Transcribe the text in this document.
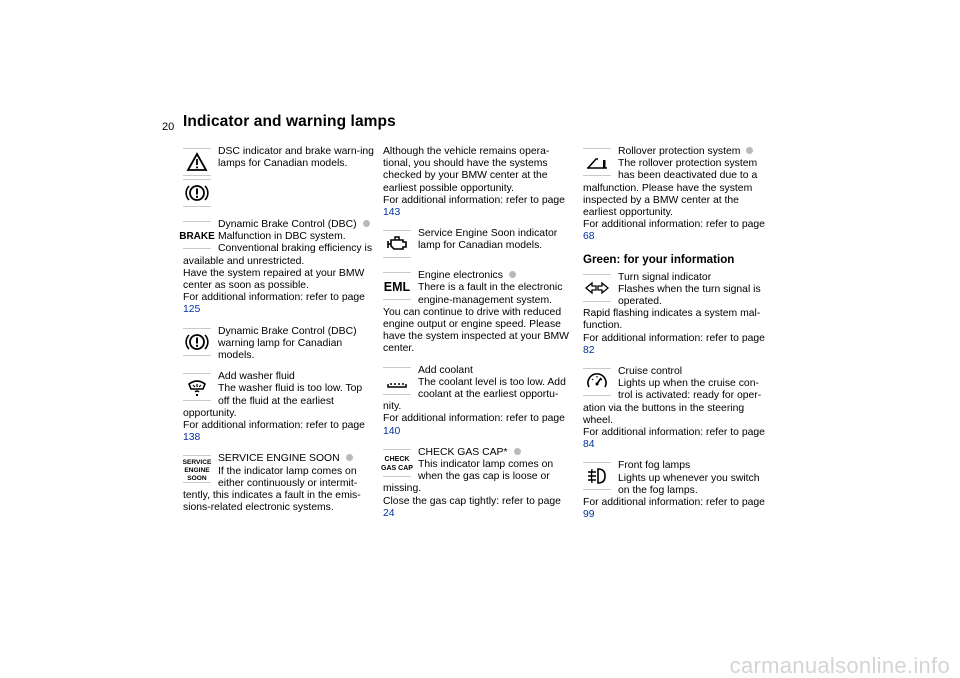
20 Indicator and warning lamps
DSC indicator and brake warn-ing lamps for Canadian models.
BRAKE
Dynamic Brake Control (DBC)
Malfunction in DBC system.
Conventional braking efficiency is available and unrestricted.
Have the system repaired at your BMW center as soon as possible.
For additional information: refer to page 125
Dynamic Brake Control (DBC) warning lamp for Canadian models.
Add washer fluid
The washer fluid is too low. Top off the fluid at the earliest opportunity.
For additional information: refer to page 138
SERVICE
ENGINE
SOON
SERVICE ENGINE SOON
If the indicator lamp comes on either continuously or intermit-tently, this indicates a fault in the emis-sions-related electronic systems.
Although the vehicle remains opera-tional, you should have the systems checked by your BMW center at the earliest possible opportunity.
For additional information: refer to page 143
Service Engine Soon indicator lamp for Canadian models.
EML
Engine electronics
There is a fault in the electronic engine-management system.
You can continue to drive with reduced engine output or engine speed. Please have the system inspected at your BMW center.
Add coolant
The coolant level is too low. Add coolant at the earliest opportu-nity.
For additional information: refer to page 140
CHECK
GAS CAP
CHECK GAS CAP*
This indicator lamp comes on when the gas cap is loose or missing.
Close the gas cap tightly: refer to page 24
Rollover protection system
The rollover protection system has been deactivated due to a malfunction. Please have the system inspected by a BMW center at the earliest opportunity.
For additional information: refer to page 68
Green: for your information
Turn signal indicator
Flashes when the turn signal is operated.
Rapid flashing indicates a system mal-function.
For additional information: refer to page 82
Cruise control
Lights up when the cruise con-trol is activated: ready for oper-ation via the buttons in the steering wheel.
For additional information: refer to page 84
Front fog lamps
Lights up whenever you switch on the fog lamps.
For additional information: refer to page 99
carmanualsonline.info
